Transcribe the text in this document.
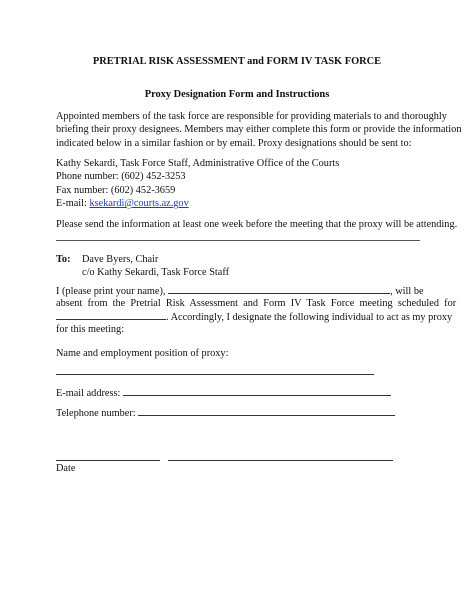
PRETRIAL RISK ASSESSMENT and FORM IV TASK FORCE
Proxy Designation Form and Instructions
Appointed members of the task force are responsible for providing materials to and thoroughly
briefing their proxy designees. Members may either complete this form or provide the information
indicated below in a similar fashion or by email. Proxy designations should be sent to:
Kathy Sekardi, Task Force Staff, Administrative Office of the Courts
Phone number: (602) 452-3253
Fax number: (602) 452-3659
E-mail: ksekardi@courts.az.gov
Please send the information at least one week before the meeting that the proxy will be attending.
To: Dave Byers, Chair
c/o Kathy Sekardi, Task Force Staff
I (please print your name),	, will be
absent from the Pretrial Risk Assessment and Form IV Task Force meeting scheduled for
. Accordingly, I designate the following individual to act as my proxy
for this meeting:
Name and employment position of proxy:
E-mail address:
Telephone number:
Date
